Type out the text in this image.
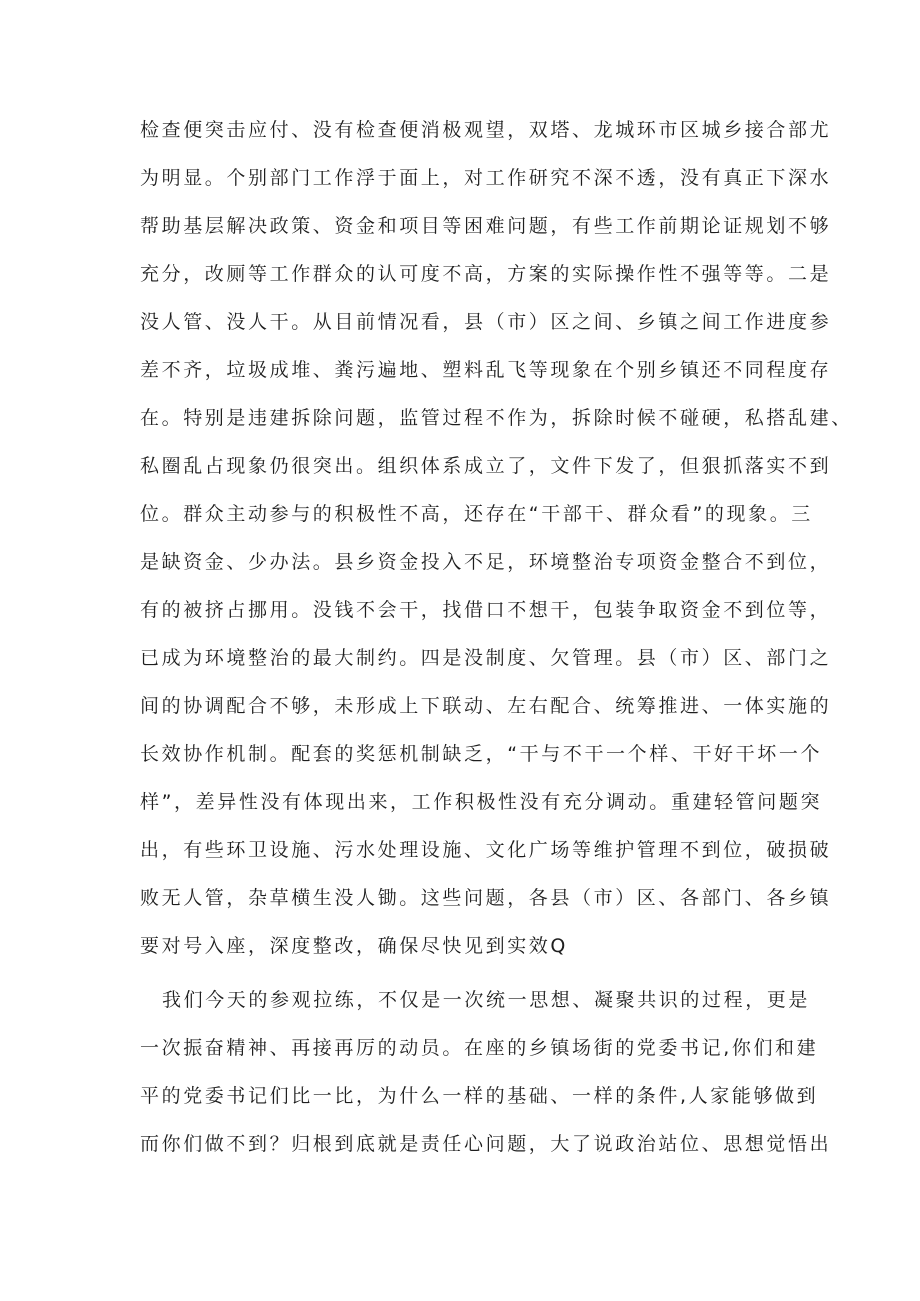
检查便突击应付、没有检查便消极观望，双塔、龙城环市区城乡接合部尤
为明显。个别部门工作浮于面上，对工作研究不深不透，没有真正下深水
帮助基层解决政策、资金和项目等困难问题，有些工作前期论证规划不够
充分，改厕等工作群众的认可度不高，方案的实际操作性不强等等。二是
没人管、没人干。从目前情况看，县（市）区之间、乡镇之间工作进度参
差不齐，垃圾成堆、粪污遍地、塑料乱飞等现象在个别乡镇还不同程度存
在。特别是违建拆除问题，监管过程不作为，拆除时候不碰硬，私搭乱建、
私圈乱占现象仍很突出。组织体系成立了，文件下发了，但狠抓落实不到
位。群众主动参与的积极性不高，还存在“干部干、群众看”的现象。三
是缺资金、少办法。县乡资金投入不足，环境整治专项资金整合不到位，
有的被挤占挪用。没钱不会干，找借口不想干，包装争取资金不到位等，
已成为环境整治的最大制约。四是没制度、欠管理。县（市）区、部门之
间的协调配合不够，未形成上下联动、左右配合、统筹推进、一体实施的
长效协作机制。配套的奖惩机制缺乏，“干与不干一个样、干好干坏一个
样”，差异性没有体现出来，工作积极性没有充分调动。重建轻管问题突
出，有些环卫设施、污水处理设施、文化广场等维护管理不到位，破损破
败无人管，杂草横生没人锄。这些问题，各县（市）区、各部门、各乡镇
要对号入座，深度整改，确保尽快见到实效Q
我们今天的参观拉练，不仅是一次统一思想、凝聚共识的过程，更是
一次振奋精神、再接再厉的动员。在座的乡镇场街的党委书记,你们和建
平的党委书记们比一比，为什么一样的基础、一样的条件,人家能够做到
而你们做不到？归根到底就是责任心问题，大了说政治站位、思想觉悟出
